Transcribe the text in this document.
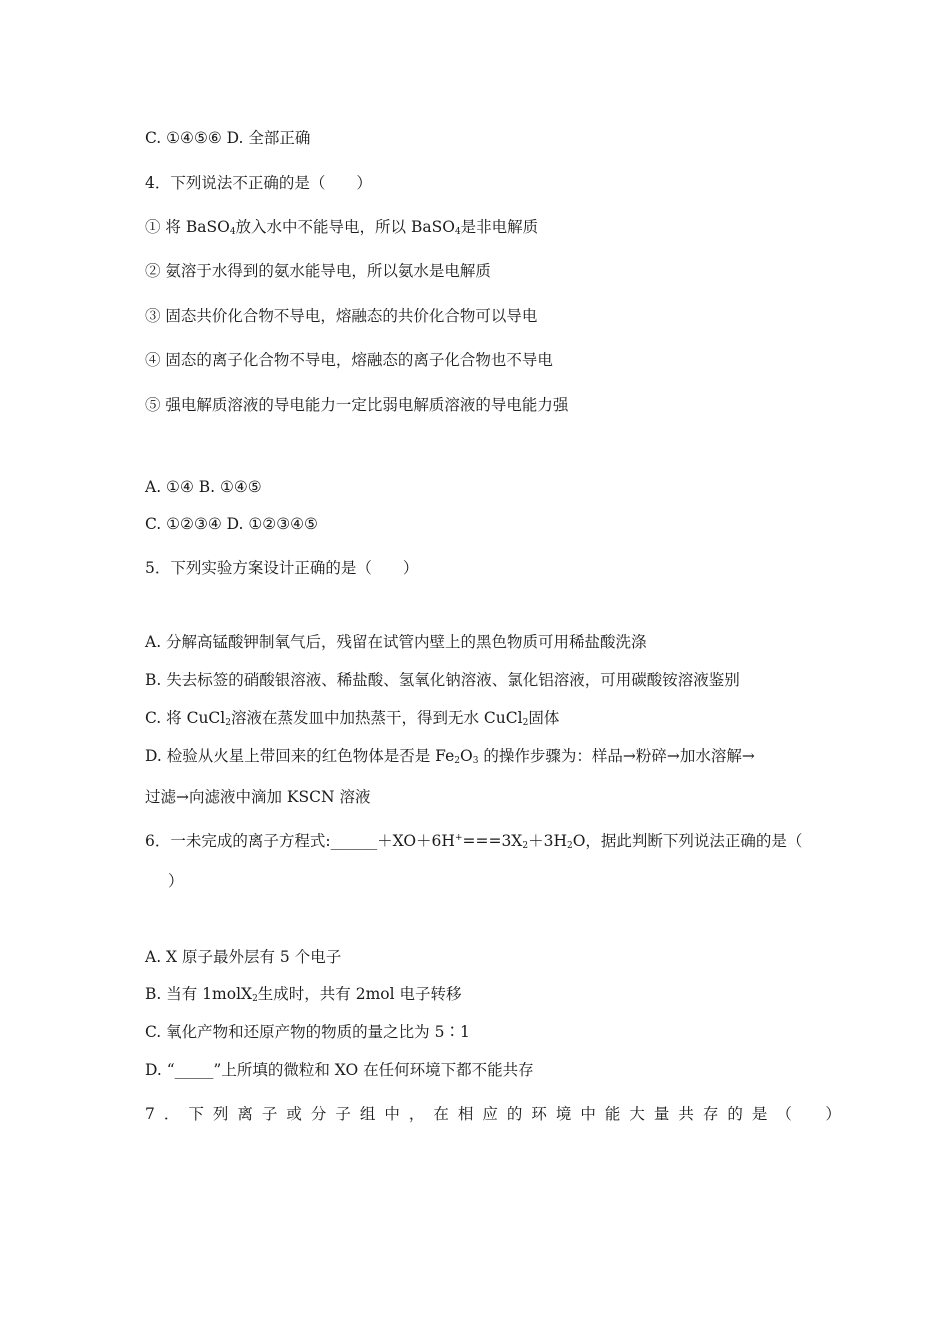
C. ①④⑤⑥ D. 全部正确
4．下列说法不正确的是（　　）
① 将 BaSO$_4$放入水中不能导电，所以 BaSO$_4$是非电解质
② 氨溶于水得到的氨水能导电，所以氨水是电解质
③ 固态共价化合物不导电，熔融态的共价化合物可以导电
④ 固态的离子化合物不导电，熔融态的离子化合物也不导电
⑤ 强电解质溶液的导电能力一定比弱电解质溶液的导电能力强
A. ①④ B. ①④⑤
C. ①②③④ D. ①②③④⑤
5．下列实验方案设计正确的是（　　）
A. 分解高锰酸钾制氧气后，残留在试管内壁上的黑色物质可用稀盐酸洗涤
B. 失去标签的硝酸银溶液、稀盐酸、氢氧化钠溶液、氯化铝溶液，可用碳酸铵溶液鉴别
C. 将 CuCl$_2$溶液在蒸发皿中加热蒸干，得到无水 CuCl$_2$固体
D. 检验从火星上带回来的红色物体是否是 $Fe_2O_3$ 的操作步骤为：样品→粉碎→加水溶解→
过滤→向滤液中滴加 KSCN 溶液
6．一未完成的离子方程式$:\_\_\_\_\_\_+XO+6H^+===3X_2+3H_2O$，据此判断下列说法正确的是（
）
A. X 原子最外层有 5 个电子
B. 当有 1molX$_2$生成时，共有 2mol 电子转移
C. 氧化产物和还原产物的物质的量之比为 5∶1
D. “_____”上所填的微粒和 XO 在任何环境下都不能共存
7．下列离子或分子组中，在相应的环境中能大量共存的是（　）
